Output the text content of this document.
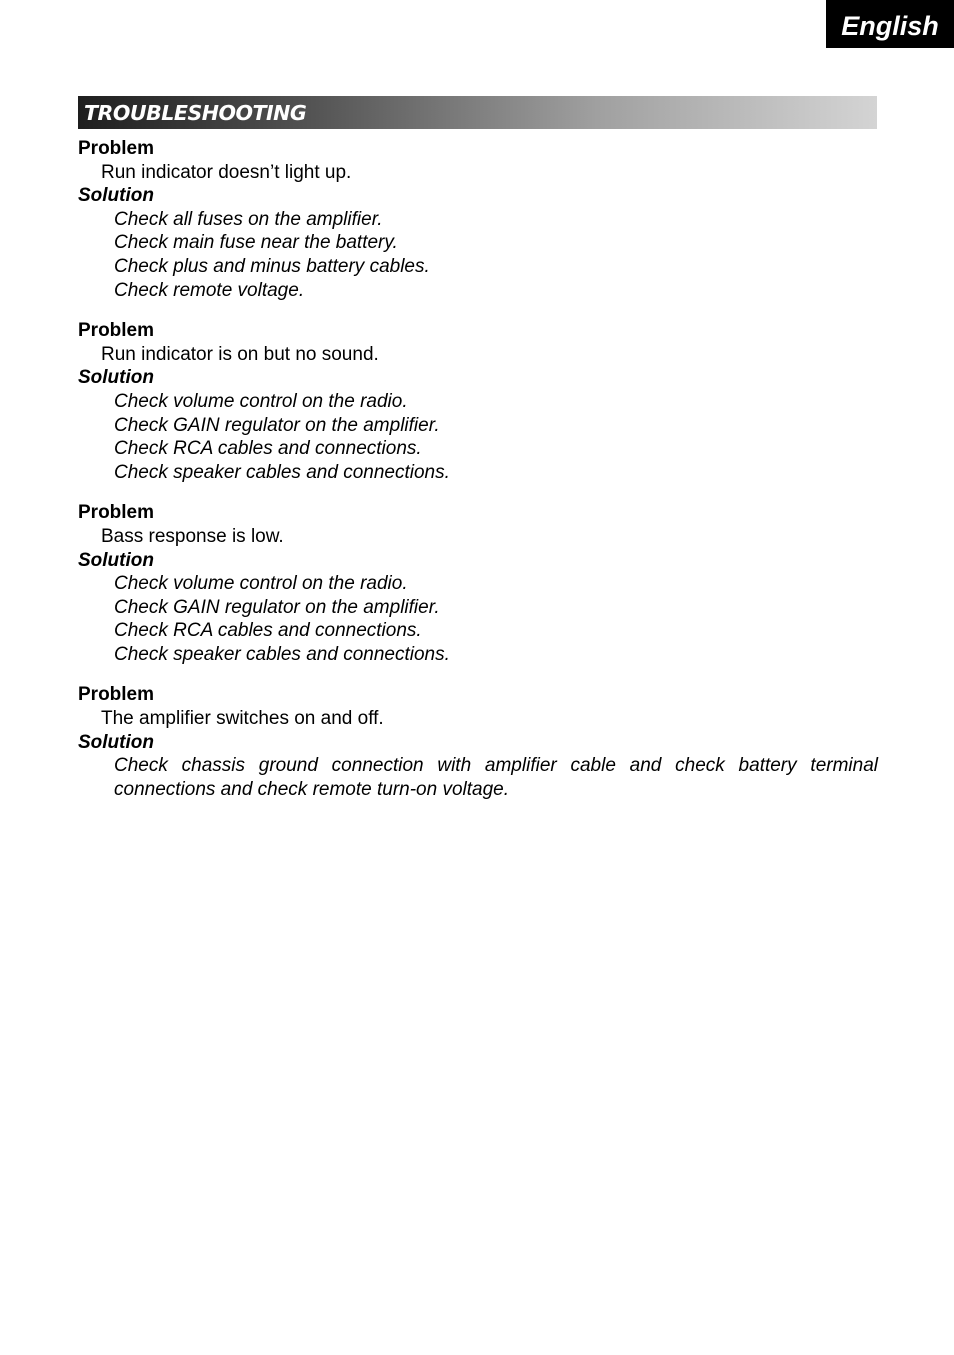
English
TROUBLESHOOTING
Problem
Run indicator doesn’t light up.
Solution
Check all fuses on the amplifier.
Check main fuse near the battery.
Check plus and minus battery cables.
Check remote voltage.
Problem
Run indicator is on but no sound.
Solution
Check volume control on the radio.
Check GAIN regulator on the amplifier.
Check RCA cables and connections.
Check speaker cables and connections.
Problem
Bass response is low.
Solution
Check volume control on the radio.
Check GAIN regulator on the amplifier.
Check RCA cables and connections.
Check speaker cables and connections.
Problem
The amplifier switches on and off.
Solution
Check chassis ground connection with amplifier cable and check battery terminal connections and check remote turn-on voltage.
